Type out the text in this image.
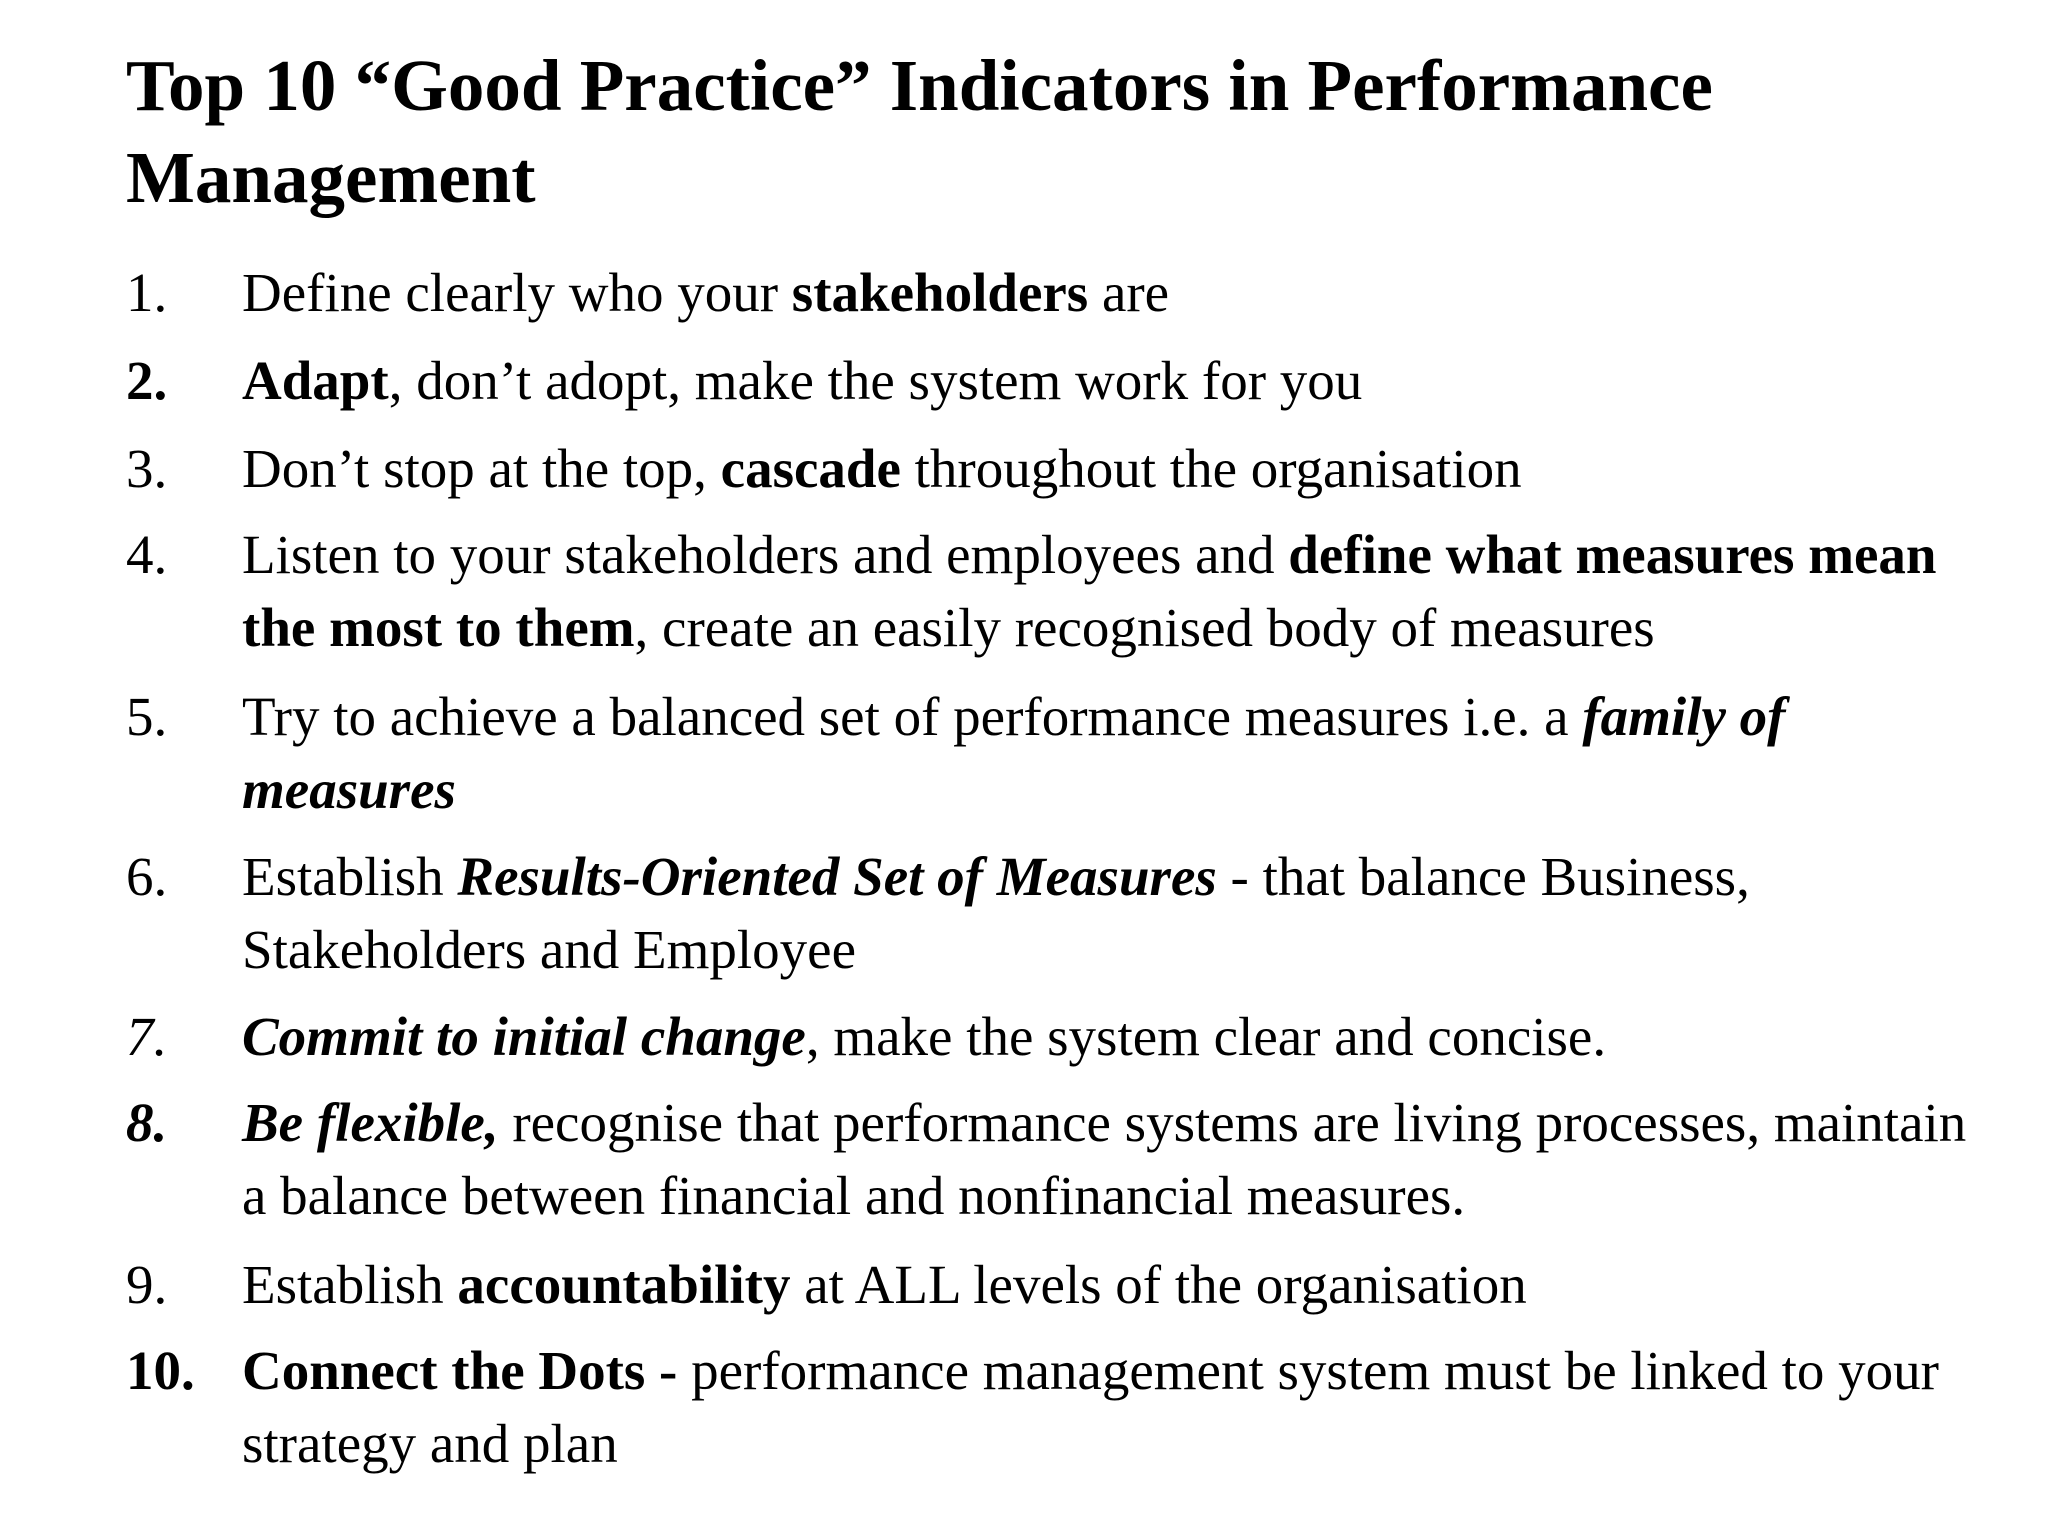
Top 10 “Good Practice” Indicators in Performance Management
1.	Define clearly who your stakeholders are
2.	Adapt, don’t adopt, make the system work for you
3.	Don’t stop at the top, cascade throughout the organisation
4.	Listen to your stakeholders and employees and define what measures mean the most to them, create an easily recognised body of measures
5.	Try to achieve a balanced set of performance measures i.e. a family of measures
6.	Establish Results-Oriented Set of Measures - that balance Business, Stakeholders and Employee
7.	Commit to initial change, make the system clear and concise.
8.	Be flexible, recognise that performance systems are living processes, maintain a balance between financial and nonfinancial measures.
9.	Establish accountability at ALL levels of the organisation
10. Connect the Dots - performance management system must be linked to your strategy and plan
